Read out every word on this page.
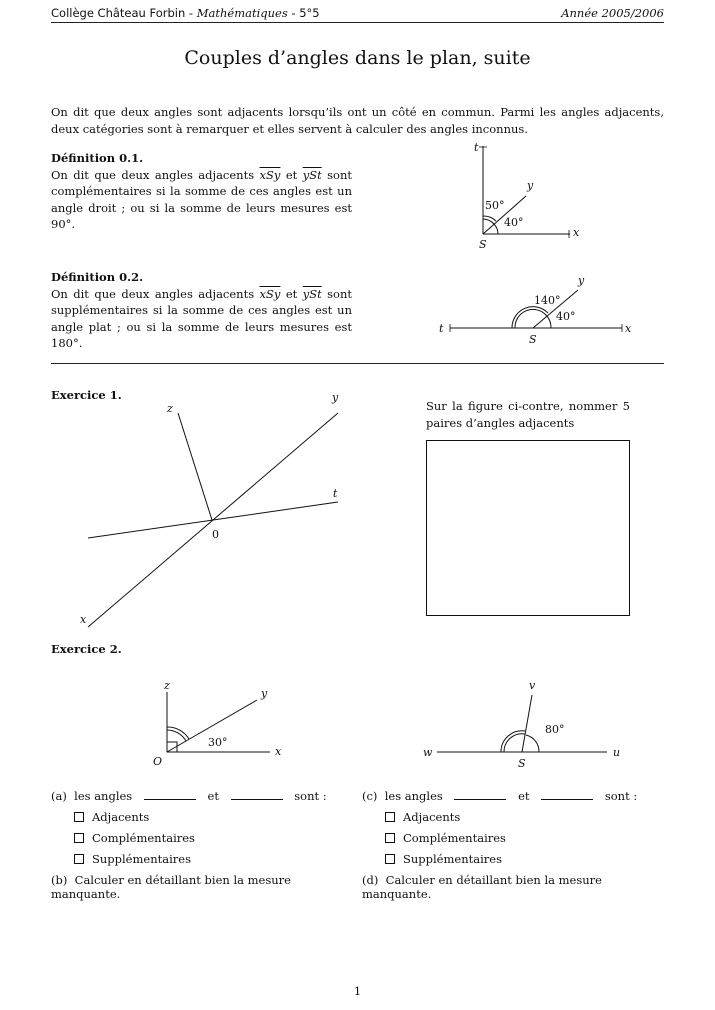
Collège Château Forbin - Mathématiques - 5°5	Année 2005/2006
Couples d’angles dans le plan, suite
On dit que deux angles sont adjacents lorsqu’ils ont un côté en commun. Parmi les angles adjacents, deux catégories sont à remarquer et elles servent à calculer des angles inconnus.
Définition 0.1.
On dit que deux angles adjacents $\overline{xSy}$ et $\overline{ySt}$ sont complémentaires si la somme de ces angles est un angle droit ; ou si la somme de leurs mesures est 90°.
t
y
x
S
50°
40°
Définition 0.2.
On dit que deux angles adjacents $\overline{xSy}$ et $\overline{ySt}$ sont supplémentaires si la somme de ces angles est un angle plat ; ou si la somme de leurs mesures est 180°.
t
y
x
S
140°
40°
Exercice 1.
z
y
t
x
0
Sur la figure ci-contre, nommer 5 paires d’angles adjacents
Exercice 2.
z
y
x
O
30°
v
w	u
S
80°
(a) les angles	et	sont :
Adjacents
Complémentaires
Supplémentaires
(b) Calculer en détaillant bien la mesure manquante.
(c) les angles	et	sont :
Adjacents
Complémentaires
Supplémentaires
(d) Calculer en détaillant bien la mesure manquante.
1
